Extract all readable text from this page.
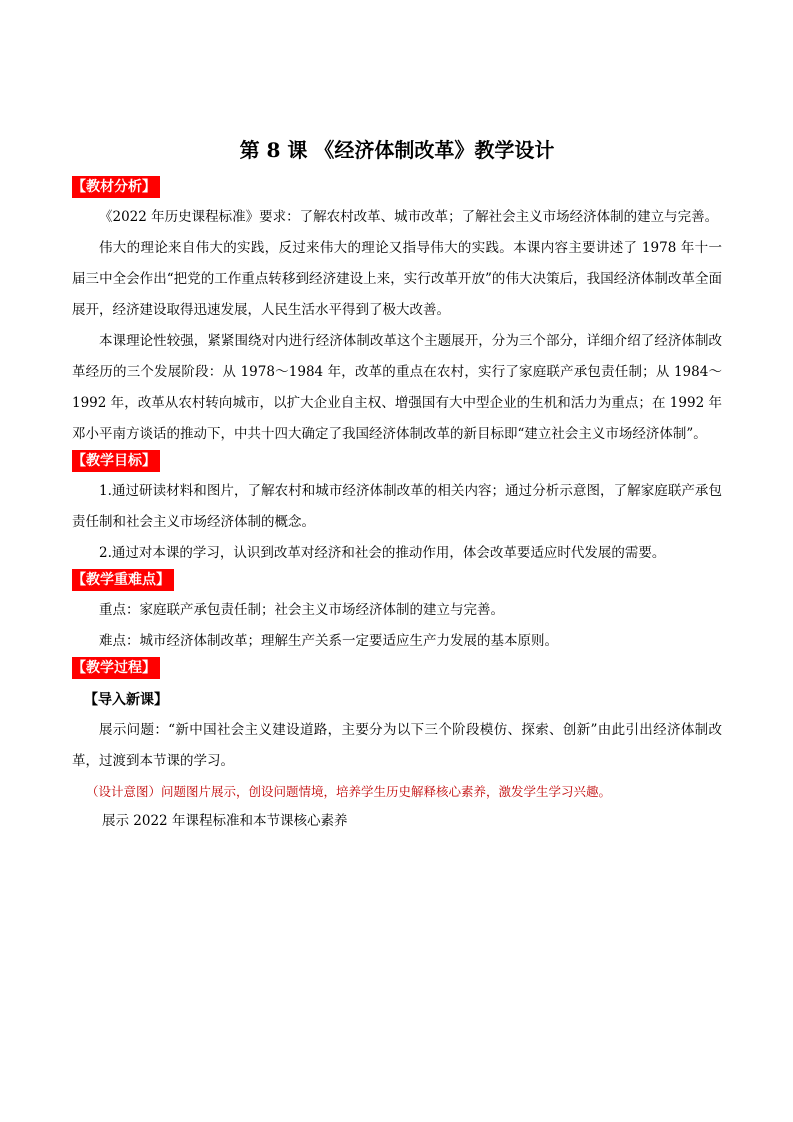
第 8 课 《经济体制改革》教学设计
【教材分析】

《2022 年历史课程标准》要求：了解农村改革、城市改革；了解社会主义市场经济体制的建立与完善。

伟大的理论来自伟大的实践，反过来伟大的理论又指导伟大的实践。本课内容主要讲述了 1978 年十一届三中全会作出“把党的工作重点转移到经济建设上来，实行改革开放”的伟大决策后，我国经济体制改革全面展开，经济建设取得迅速发展，人民生活水平得到了极大改善。

本课理论性较强，紧紧围绕对内进行经济体制改革这个主题展开，分为三个部分，详细介绍了经济体制改革经历的三个发展阶段：从 1978～1984 年，改革的重点在农村，实行了家庭联产承包责任制；从 1984～1992 年，改革从农村转向城市，以扩大企业自主权、增强国有大中型企业的生机和活力为重点；在 1992 年邓小平南方谈话的推动下，中共十四大确定了我国经济体制改革的新目标即“建立社会主义市场经济体制”。

【教学目标】

1.通过研读材料和图片，了解农村和城市经济体制改革的相关内容；通过分析示意图，了解家庭联产承包责任制和社会主义市场经济体制的概念。

2.通过对本课的学习，认识到改革对经济和社会的推动作用，体会改革要适应时代发展的需要。

【教学重难点】

重点：家庭联产承包责任制；社会主义市场经济体制的建立与完善。

难点：城市经济体制改革；理解生产关系一定要适应生产力发展的基本原则。

【教学过程】
【导入新课】

展示问题：“新中国社会主义建设道路，主要分为以下三个阶段模仿、探索、创新”由此引出经济体制改革，过渡到本节课的学习。

（设计意图）问题图片展示，创设问题情境，培养学生历史解释核心素养，激发学生学习兴趣。

展示 2022 年课程标准和本节课核心素养
